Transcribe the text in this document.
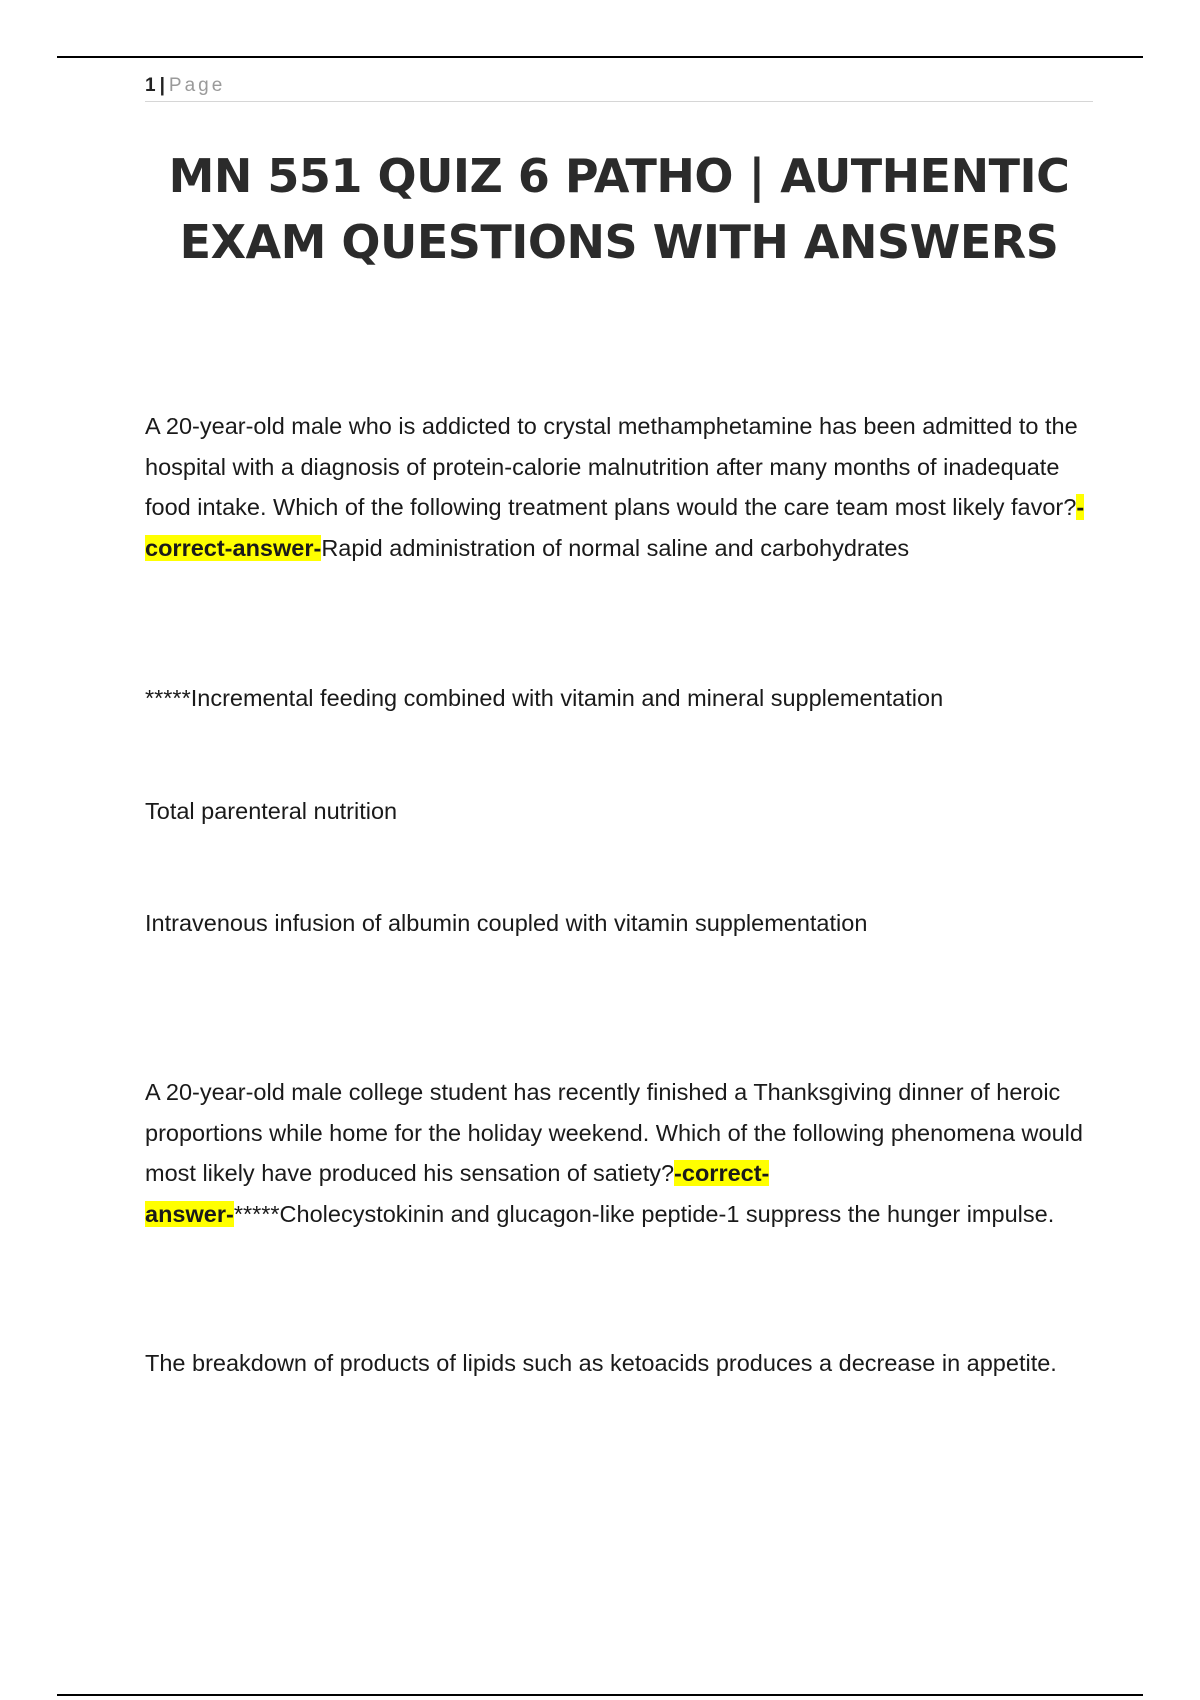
1 | Page
MN 551 QUIZ 6 PATHO | AUTHENTIC
EXAM QUESTIONS WITH ANSWERS
A 20-year-old male who is addicted to crystal methamphetamine has been admitted to the hospital with a diagnosis of protein-calorie malnutrition after many months of inadequate food intake. Which of the following treatment plans would the care team most likely favor?-correct-answer-Rapid administration of normal saline and carbohydrates
*****Incremental feeding combined with vitamin and mineral supplementation
Total parenteral nutrition
Intravenous infusion of albumin coupled with vitamin supplementation
A 20-year-old male college student has recently finished a Thanksgiving dinner of heroic proportions while home for the holiday weekend. Which of the following phenomena would most likely have produced his sensation of satiety?-correct-
answer-*****Cholecystokinin and glucagon-like peptide-1 suppress the hunger impulse.
The breakdown of products of lipids such as ketoacids produces a decrease in appetite.
